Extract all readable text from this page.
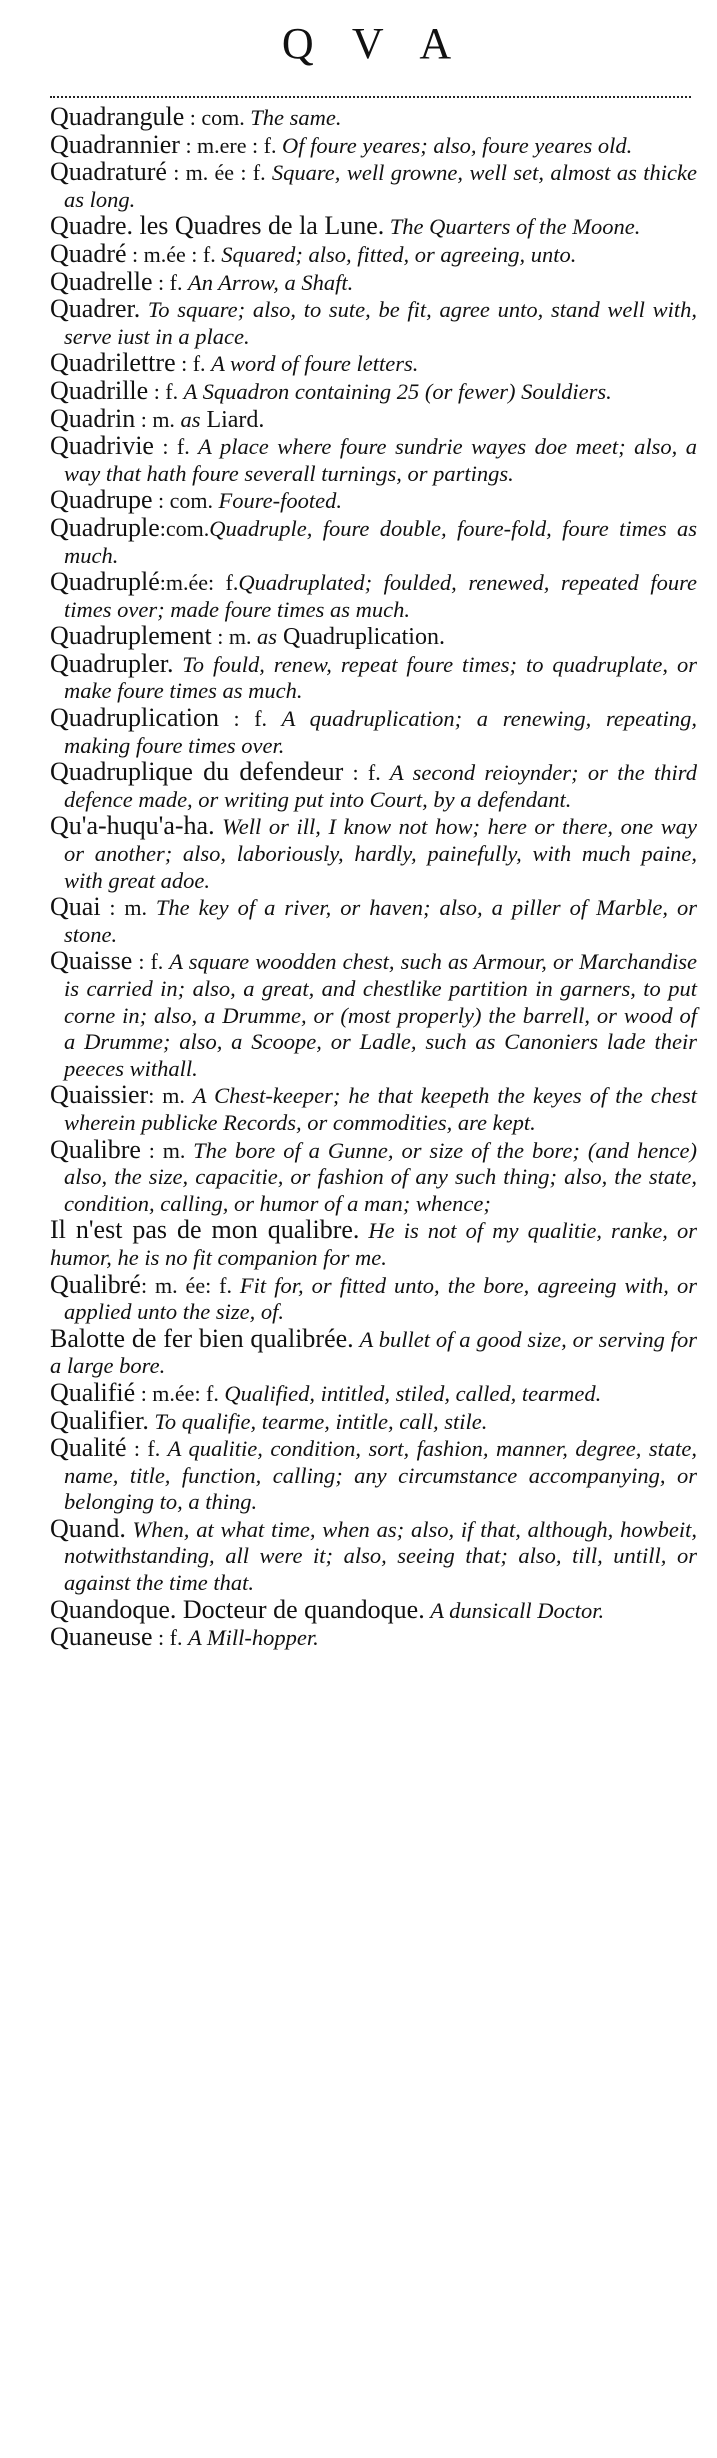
Q V A

Quadrangule : com. The same.

Quadrannier : m.ere : f. Of foure yeares; also, foure yeares old.

Quadraturé : m. ée : f. Square, well growne, well set, almost as thicke as long.

Quadre. les Quadres de la Lune. The Quarters of the Moone.

Quadré : m.ée : f. Squared; also, fitted, or agreeing, unto.

Quadrelle : f. An Arrow, a Shaft.

Quadrer. To square; also, to sute, be fit, agree unto, stand well with, serve iust in a place.

Quadrilettre : f. A word of foure letters.

Quadrille : f. A Squadron containing 25 (or fewer) Souldiers.

Quadrin : m. as Liard.

Quadrivie : f. A place where foure sundrie wayes doe meet; also, a way that hath foure severall turnings, or partings.

Quadrupe : com. Foure-footed.

Quadruple:com.Quadruple, foure double, foure-fold, foure times as much.

Quadruplé:m.ée: f.Quadruplated; foulded, renewed, repeated foure times over; made foure times as much.

Quadruplement : m. as Quadruplication.

Quadrupler. To fould, renew, repeat foure times; to quadruplate, or make foure times as much.

Quadruplication : f. A quadruplication; a renewing, repeating, making foure times over.

Quadruplique du defendeur : f. A second reioynder; or the third defence made, or writing put into Court, by a defendant.

Qu'a-huqu'a-ha. Well or ill, I know not how; here or there, one way or another; also, laboriously, hardly, painefully, with much paine, with great adoe.

Quai : m. The key of a river, or haven; also, a piller of Marble, or stone.

Quaisse : f. A square woodden chest, such as Armour, or Marchandise is carried in; also, a great, and chestlike partition in garners, to put corne in; also, a Drumme, or (most properly) the barrell, or wood of a Drumme; also, a Scoope, or Ladle, such as Canoniers lade their peeces withall.

Quaissier: m. A Chest-keeper; he that keepeth the keyes of the chest wherein publicke Records, or commodities, are kept.

Qualibre : m. The bore of a Gunne, or size of the bore; (and hence) also, the size, capacitie, or fashion of any such thing; also, the state, condition, calling, or humor of a man; whence;

Il n'est pas de mon qualibre. He is not of my qualitie, ranke, or humor, he is no fit companion for me.

Qualibré: m. ée: f. Fit for, or fitted unto, the bore, agreeing with, or applied unto the size, of.

Balotte de fer bien qualibrée. A bullet of a good size, or serving for a large bore.

Qualifié : m.ée: f. Qualified, intitled, stiled, called, tearmed.

Qualifier. To qualifie, tearme, intitle, call, stile.

Qualité : f. A qualitie, condition, sort, fashion, manner, degree, state, name, title, function, calling; any circumstance accompanying, or belonging to, a thing.

Quand. When, at what time, when as; also, if that, although, howbeit, notwithstanding, all were it; also, seeing that; also, till, untill, or against the time that.

Quandoque. Docteur de quandoque. A dunsicall Doctor.

Quaneuse : f. A Mill-hopper.
